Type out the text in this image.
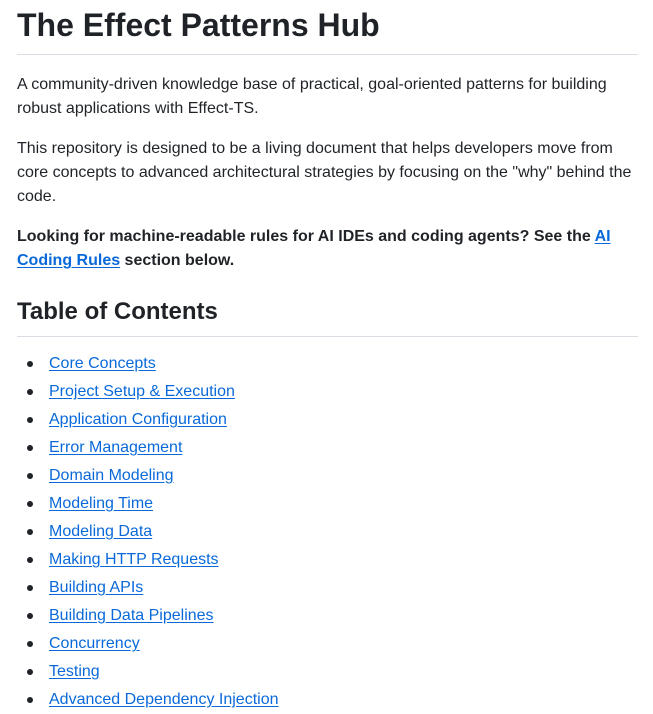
The Effect Patterns Hub

A community-driven knowledge base of practical, goal-oriented patterns for building robust applications with Effect-TS.

This repository is designed to be a living document that helps developers move from core concepts to advanced architectural strategies by focusing on the "why" behind the code.

Looking for machine-readable rules for AI IDEs and coding agents? See the AI Coding Rules section below.

Table of Contents
Core Concepts
Project Setup & Execution
Application Configuration
Error Management
Domain Modeling
Modeling Time
Modeling Data
Making HTTP Requests
Building APIs
Building Data Pipelines
Concurrency
Testing
Advanced Dependency Injection
